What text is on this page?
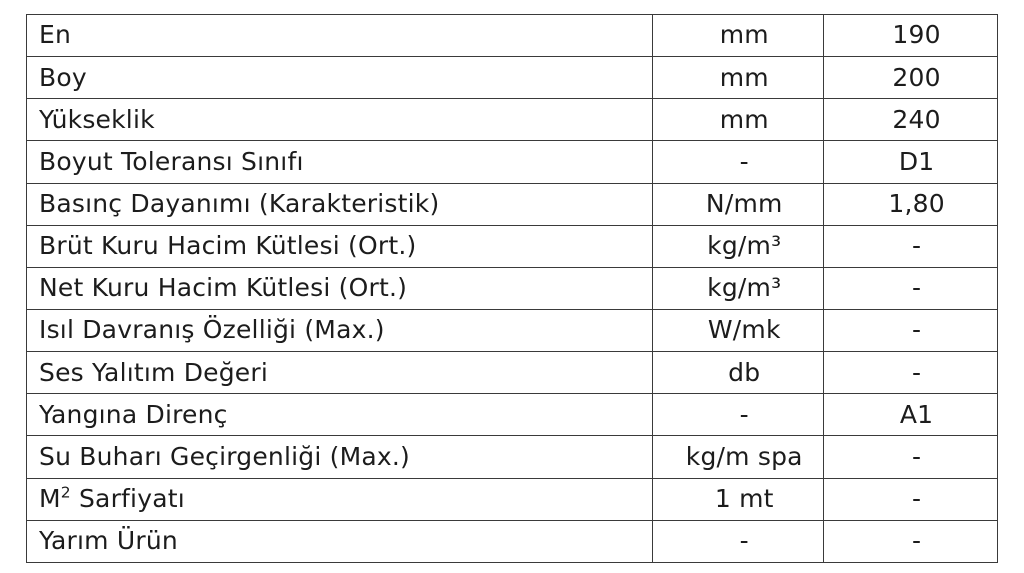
En	mm	190
Boy	mm	200
Yükseklik	mm	240
Boyut Toleransı Sınıfı	-	D1
Basınç Dayanımı (Karakteristik)	N/mm	1,80
Brüt Kuru Hacim Kütlesi (Ort.)	kg/m³	-
Net Kuru Hacim Kütlesi (Ort.)	kg/m³	-
Isıl Davranış Özelliği (Max.)	W/mk	-
Ses Yalıtım Değeri	db	-
Yangına Direnç	-	A1
Su Buharı Geçirgenliği (Max.)	kg/m spa	-
$M^2$ Sarfiyatı	1 mt	-
Yarım Ürün	-	-
